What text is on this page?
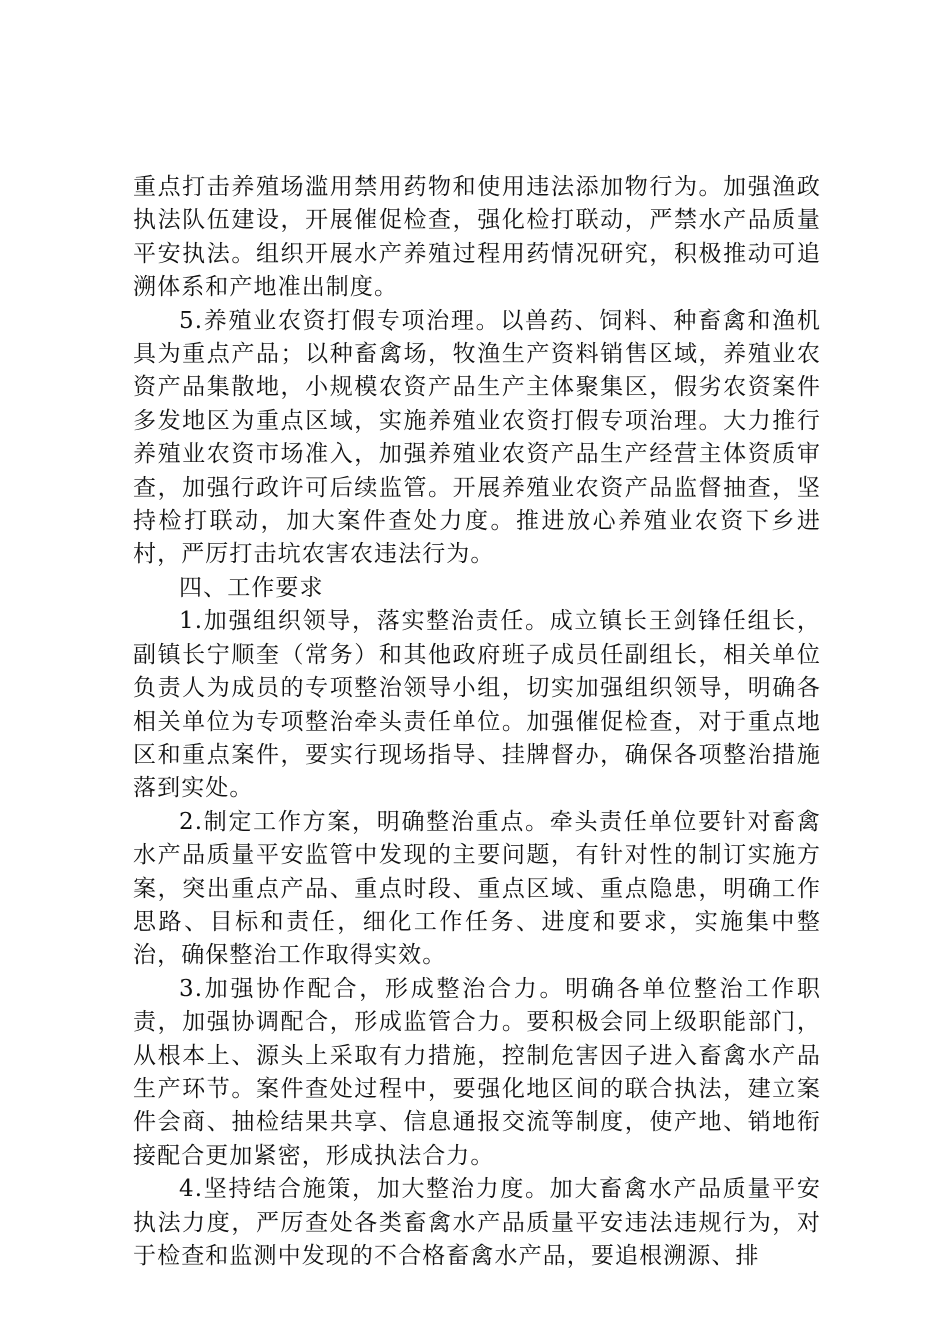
重点打击养殖场滥用禁用药物和使用违法添加物行为。加强渔政执法队伍建设，开展催促检查，强化检打联动，严禁水产品质量平安执法。组织开展水产养殖过程用药情况研究，积极推动可追溯体系和产地准出制度。

5.养殖业农资打假专项治理。以兽药、饲料、种畜禽和渔机具为重点产品；以种畜禽场，牧渔生产资料销售区域，养殖业农资产品集散地，小规模农资产品生产主体聚集区，假劣农资案件多发地区为重点区域，实施养殖业农资打假专项治理。大力推行养殖业农资市场准入，加强养殖业农资产品生产经营主体资质审查，加强行政许可后续监管。开展养殖业农资产品监督抽查，坚持检打联动，加大案件查处力度。推进放心养殖业农资下乡进村，严厉打击坑农害农违法行为。

四、工作要求

1.加强组织领导，落实整治责任。成立镇长王剑锋任组长，副镇长宁顺奎（常务）和其他政府班子成员任副组长，相关单位负责人为成员的专项整治领导小组，切实加强组织领导，明确各相关单位为专项整治牵头责任单位。加强催促检查，对于重点地区和重点案件，要实行现场指导、挂牌督办，确保各项整治措施落到实处。

2.制定工作方案，明确整治重点。牵头责任单位要针对畜禽水产品质量平安监管中发现的主要问题，有针对性的制订实施方案，突出重点产品、重点时段、重点区域、重点隐患，明确工作思路、目标和责任，细化工作任务、进度和要求，实施集中整治，确保整治工作取得实效。

3.加强协作配合，形成整治合力。明确各单位整治工作职责，加强协调配合，形成监管合力。要积极会同上级职能部门，从根本上、源头上采取有力措施，控制危害因子进入畜禽水产品生产环节。案件查处过程中，要强化地区间的联合执法，建立案件会商、抽检结果共享、信息通报交流等制度，使产地、销地衔接配合更加紧密，形成执法合力。

4.坚持结合施策，加大整治力度。加大畜禽水产品质量平安执法力度，严厉查处各类畜禽水产品质量平安违法违规行为，对于检查和监测中发现的不合格畜禽水产品，要追根溯源、排
